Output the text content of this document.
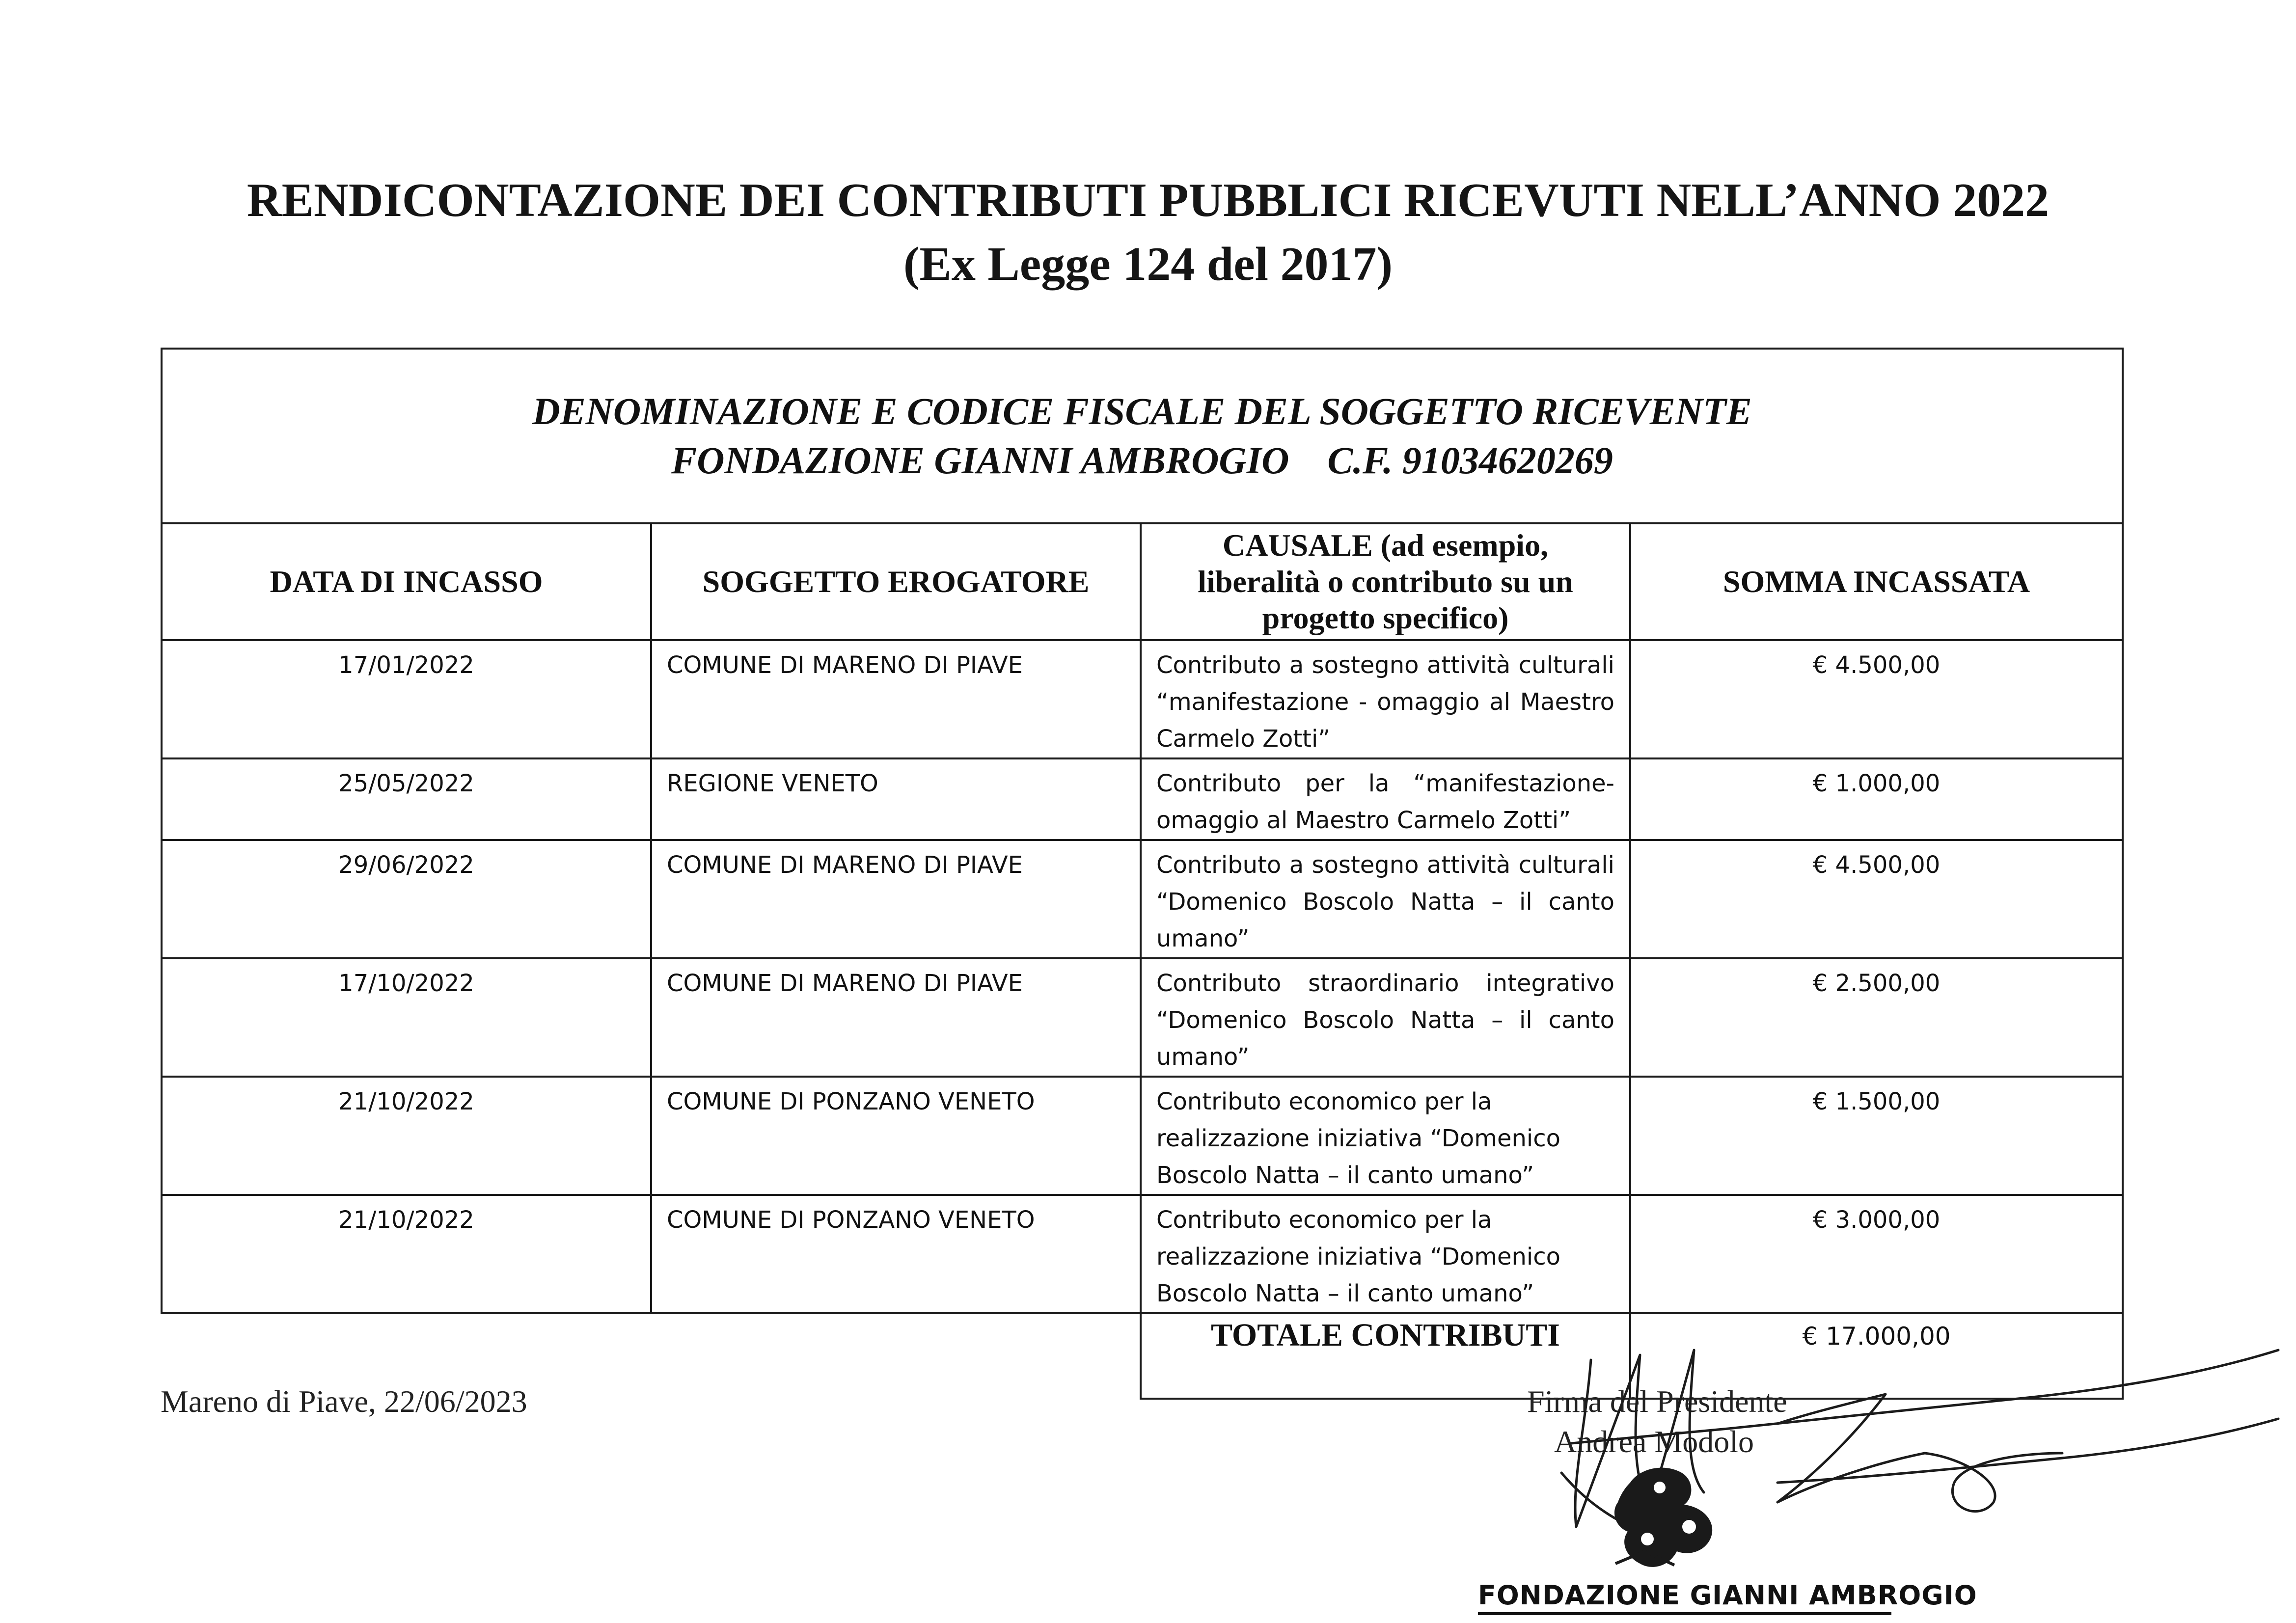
RENDICONTAZIONE DEI CONTRIBUTI PUBBLICI RICEVUTI NELL’ANNO 2022
(Ex Legge 124 del 2017)
DENOMINAZIONE E CODICE FISCALE DEL SOGGETTO RICEVENTE
FONDAZIONE GIANNI AMBROGIO    C.F. 91034620269			

DATA DI INCASSO	SOGGETTO EROGATORE	CAUSALE (ad esempio, liberalità o contributo su un progetto specifico)	SOMMA INCASSATA
17/01/2022	COMUNE DI MARENO DI PIAVE	Contributo a sostegno attività culturali “manifestazione - omaggio al Maestro Carmelo Zotti”	€ 4.500,00
25/05/2022	REGIONE VENETO	Contributo per la “manifestazione-omaggio al Maestro Carmelo Zotti”	€ 1.000,00
29/06/2022	COMUNE DI MARENO DI PIAVE	Contributo a sostegno attività culturali “Domenico Boscolo Natta – il canto umano”	€ 4.500,00
17/10/2022	COMUNE DI MARENO DI PIAVE	Contributo straordinario integrativo “Domenico Boscolo Natta – il canto umano”	€ 2.500,00
21/10/2022	COMUNE DI PONZANO VENETO	Contributo economico per la realizzazione iniziativa “Domenico Boscolo Natta – il canto umano”	€ 1.500,00
21/10/2022	COMUNE DI PONZANO VENETO	Contributo economico per la realizzazione iniziativa “Domenico Boscolo Natta – il canto umano”	€ 3.000,00
		TOTALE CONTRIBUTI	€ 17.000,00
Mareno di Piave, 22/06/2023	Firma del Presidente
Andrea Modolo
FONDAZIONE GIANNI AMBROGIO
